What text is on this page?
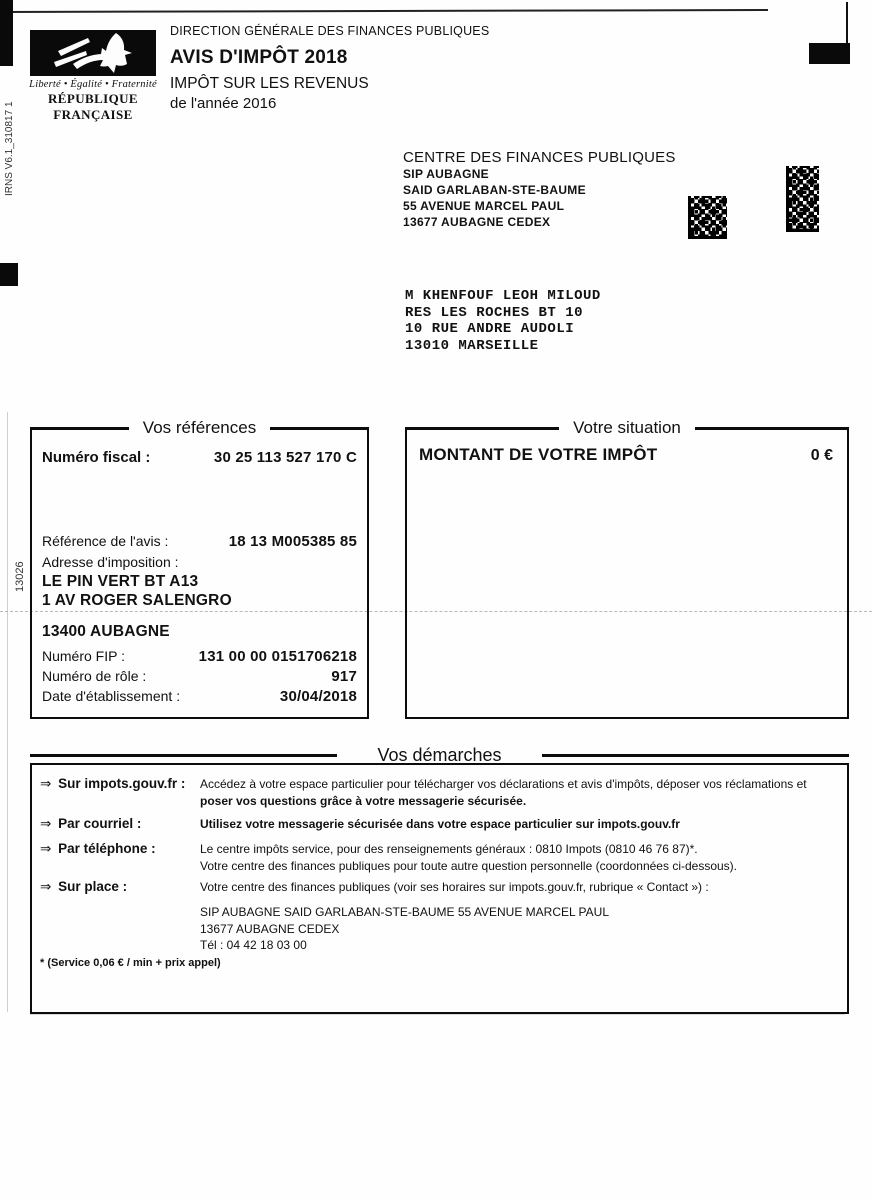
IRNS V6.1_310817 1
13026
Liberté • Égalité • Fraternité
RÉPUBLIQUE FRANÇAISE
DIRECTION GÉNÉRALE DES FINANCES PUBLIQUES
AVIS D'IMPÔT 2018
IMPÔT SUR LES REVENUS
de l'année 2016
CENTRE DES FINANCES PUBLIQUES
SIP AUBAGNE
SAID GARLABAN-STE-BAUME
55 AVENUE MARCEL PAUL
13677 AUBAGNE CEDEX
M KHENFOUF LEOH MILOUD
RES LES ROCHES BT 10
10 RUE ANDRE AUDOLI
13010 MARSEILLE
Vos références
Numéro fiscal :	30 25 113 527 170 C
Référence de l'avis :	18 13 M005385 85
Adresse d'imposition :
LE PIN VERT BT A13
1 AV ROGER SALENGRO
13400 AUBAGNE
Numéro FIP :	131 00 00 0151706218
Numéro de rôle :	917
Date d'établissement :	30/04/2018
Votre situation
MONTANT DE VOTRE IMPÔT	0 €
Vos démarches
⇒ Sur impots.gouv.fr :	Accédez à votre espace particulier pour télécharger vos déclarations et avis d'impôts, déposer vos réclamations et
poser vos questions grâce à votre messagerie sécurisée.
⇒ Par courriel :	Utilisez votre messagerie sécurisée dans votre espace particulier sur impots.gouv.fr
⇒ Par téléphone :	Le centre impôts service, pour des renseignements généraux : 0810 Impots (0810 46 76 87)*.
Votre centre des finances publiques pour toute autre question personnelle (coordonnées ci-dessous).
⇒ Sur place :	Votre centre des finances publiques (voir ses horaires sur impots.gouv.fr, rubrique « Contact ») :
SIP AUBAGNE SAID GARLABAN-STE-BAUME 55 AVENUE MARCEL PAUL
13677 AUBAGNE CEDEX
Tél : 04 42 18 03 00
* (Service 0,06 € / min + prix appel)
